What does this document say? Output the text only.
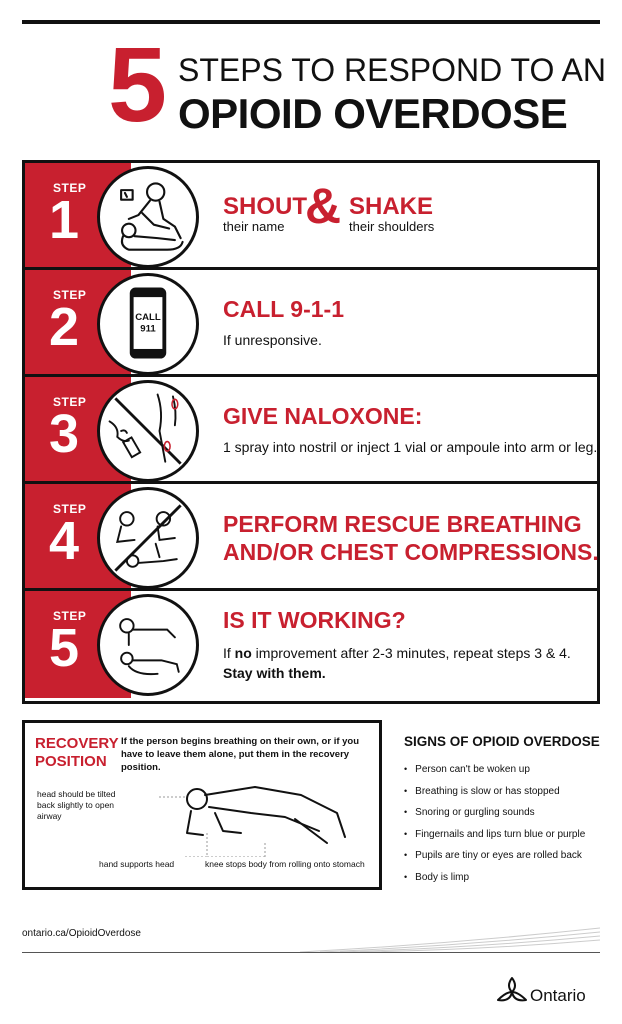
5 STEPS TO RESPOND TO AN
OPIOID OVERDOSE
STEP
1	SHOUT
their name & SHAKE
their shoulders
STEP
2	CALL
911
CALL 9-1-1
If unresponsive.
STEP
3	GIVE NALOXONE:
1 spray into nostril or inject 1 vial or ampoule into arm or leg.
STEP
4	PERFORM RESCUE BREATHING
AND/OR CHEST COMPRESSIONS.
STEP
5	IS IT WORKING?
If no improvement after 2-3 minutes, repeat steps 3 & 4.
Stay with them.
RECOVERY
POSITION
If the person begins breathing on their own, or if you have to leave them alone, put them in the recovery position.
head should be tilted back slightly to open airway
hand supports head	knee stops body from rolling onto stomach
SIGNS OF OPIOID OVERDOSE
• Person can't be woken up
• Breathing is slow or has stopped
• Snoring or gurgling sounds
• Fingernails and lips turn blue or purple
• Pupils are tiny or eyes are rolled back
• Body is limp
ontario.ca/OpioidOverdose
Ontario
